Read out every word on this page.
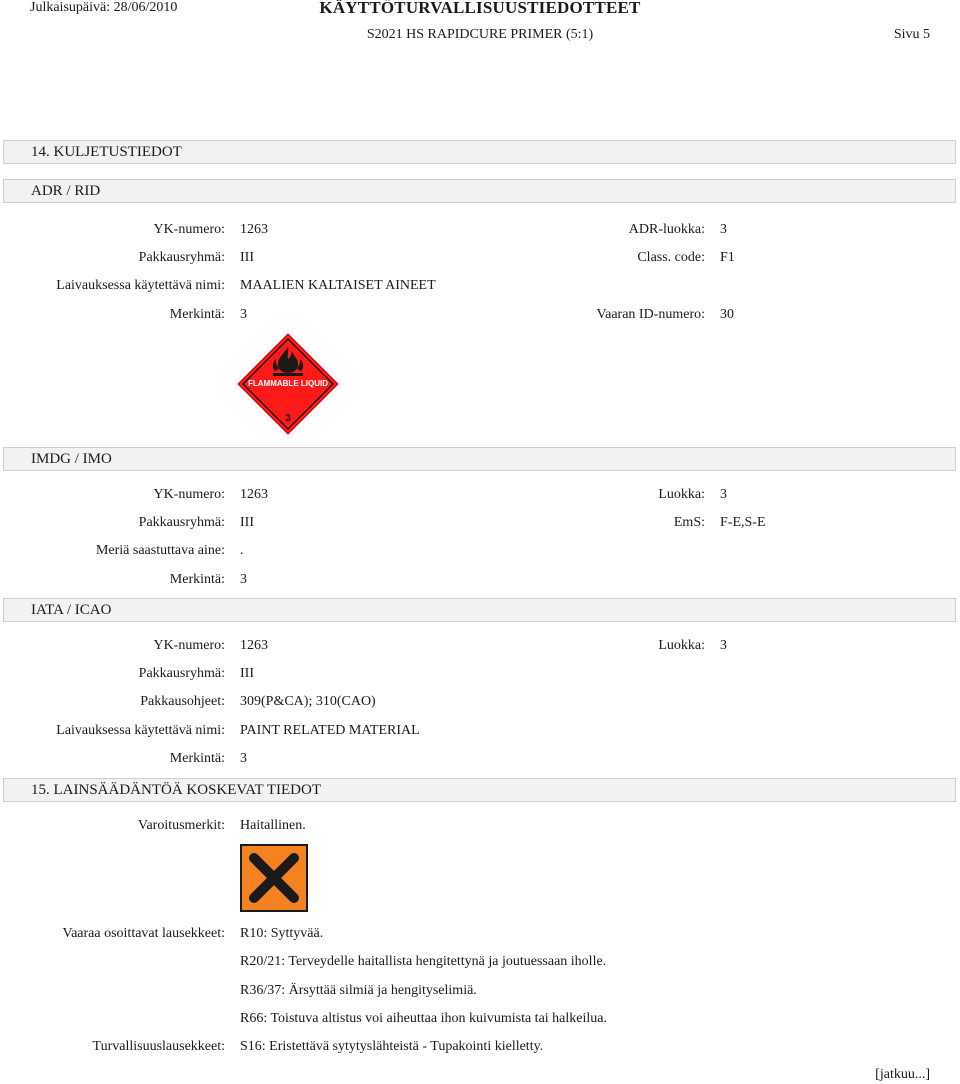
Julkaisupäivä: 28/06/2010	KÄYTTÖTURVALLISUUSTIEDOTTEET
S2021 HS RAPIDCURE PRIMER (5:1)	Sivu 5
14. KULJETUSTIEDOT
ADR / RID
YK-numero: 1263	ADR-luokka: 3
Pakkausryhmä: III	Class. code: F1
Laivauksessa käytettävä nimi: MAALIEN KALTAISET AINEET
Merkintä: 3	Vaaran ID-numero: 30
FLAMMABLE LIQUID
3
IMDG / IMO
YK-numero: 1263	Luokka: 3
Pakkausryhmä: III	EmS: F-E,S-E
Meriä saastuttava aine: .
Merkintä: 3
IATA / ICAO
YK-numero: 1263	Luokka: 3
Pakkausryhmä: III
Pakkausohjeet: 309(P&CA); 310(CAO)
Laivauksessa käytettävä nimi: PAINT RELATED MATERIAL
Merkintä: 3
15. LAINSÄÄDÄNTÖÄ KOSKEVAT TIEDOT
Varoitusmerkit: Haitallinen.
Vaaraa osoittavat lausekkeet: R10: Syttyvää.
R20/21: Terveydelle haitallista hengitettynä ja joutuessaan iholle.
R36/37: Ärsyttää silmiä ja hengityselimiä.
R66: Toistuva altistus voi aiheuttaa ihon kuivumista tai halkeilua.
Turvallisuuslausekkeet: S16: Eristettävä sytytyslähteistä - Tupakointi kielletty.
[jatkuu...]
